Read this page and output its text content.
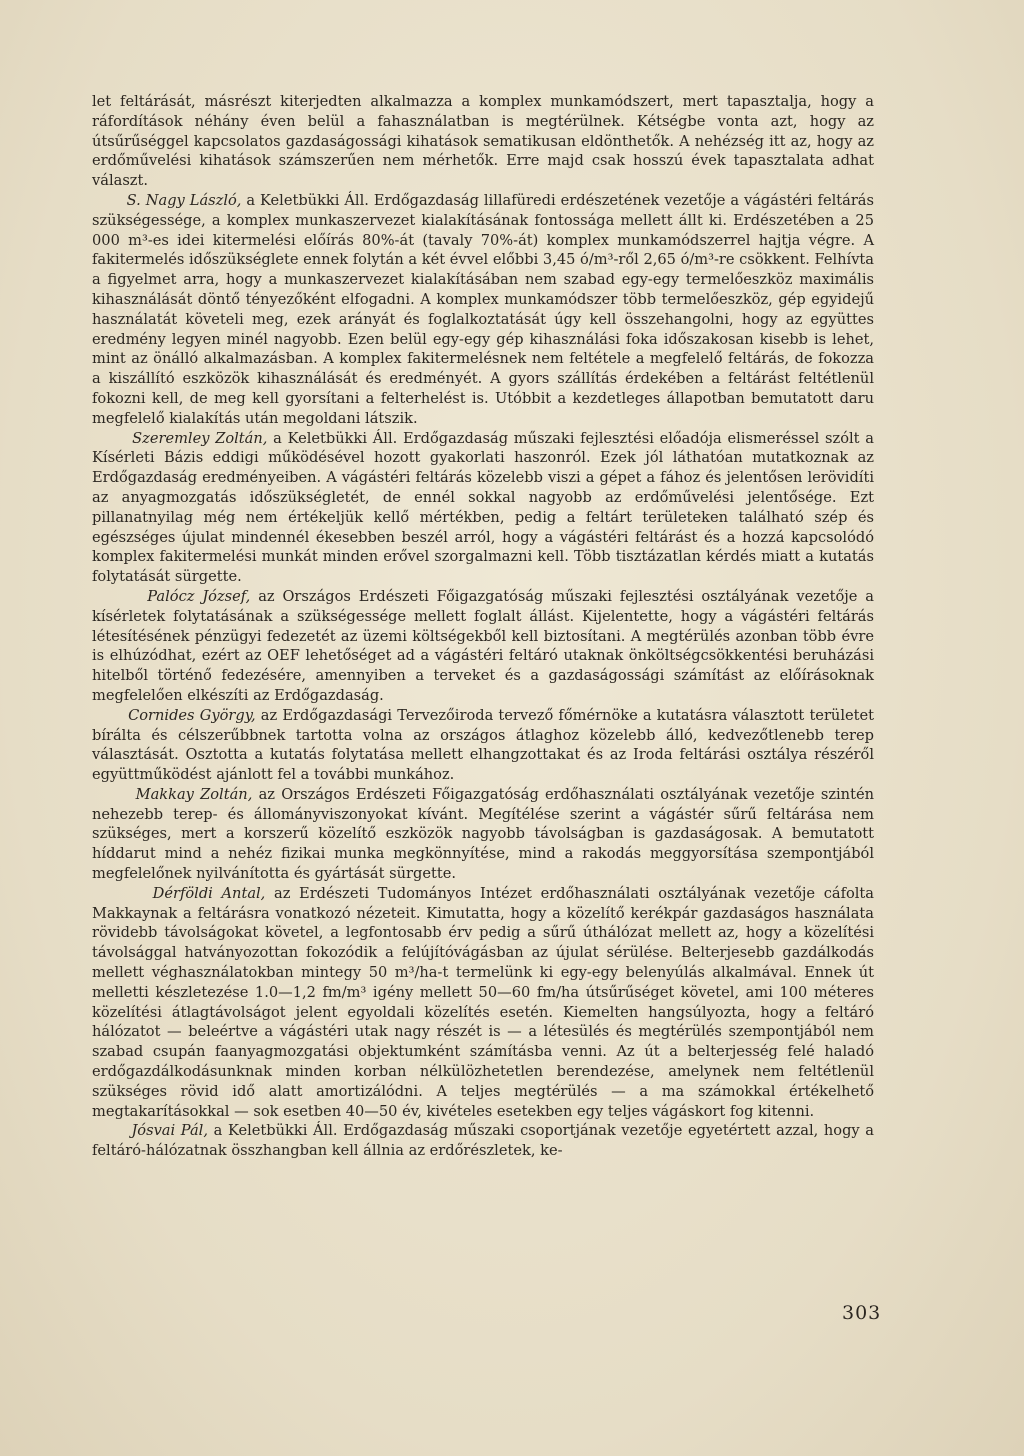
let feltárását, másrészt kiterjedten alkalmazza a komplex munkamódszert, mert tapasztalja, hogy a ráfordítások néhány éven belül a fahasználatban is megtérülnek. Kétségbe vonta azt, hogy az útsűrűséggel kapcsolatos gazdaságossági kihatások sematikusan eldönthetők. A nehézség itt az, hogy az erdőművelési kihatások számszerűen nem mérhetők. Erre majd csak hosszú évek tapasztalata adhat választ.

S. Nagy László, a Keletbükki Áll. Erdőgazdaság lillafüredi erdészetének vezetője a vágástéri feltárás szükségessége, a komplex munkaszervezet kialakításának fontossága mellett állt ki. Erdészetében a 25 000 m³-es idei kitermelési előírás 80%-át (tavaly 70%-át) komplex munkamódszerrel hajtja végre. A fakitermelés időszükséglete ennek folytán a két évvel előbbi 3,45 ó/m³-ről 2,65 ó/m³-re csökkent. Felhívta a figyelmet arra, hogy a munkaszervezet kialakításában nem szabad egy-egy termelőeszköz maximális kihasználását döntő tényezőként elfogadni. A komplex munkamódszer több termelőeszköz, gép egyidejű használatát követeli meg, ezek arányát és foglalkoztatását úgy kell összehangolni, hogy az együttes eredmény legyen minél nagyobb. Ezen belül egy-egy gép kihasználási foka időszakosan kisebb is lehet, mint az önálló alkalmazásban. A komplex fakitermelésnek nem feltétele a megfelelő feltárás, de fokozza a kiszállító eszközök kihasználását és eredményét. A gyors szállítás érdekében a feltárást feltétlenül fokozni kell, de meg kell gyorsítani a felterhelést is. Utóbbit a kezdetleges állapotban bemutatott daru megfelelő kialakítás után megoldani látszik.

Szeremley Zoltán, a Keletbükki Áll. Erdőgazdaság műszaki fejlesztési előadója elismeréssel szólt a Kísérleti Bázis eddigi működésével hozott gyakorlati haszonról. Ezek jól láthatóan mutatkoznak az Erdőgazdaság eredményeiben. A vágástéri feltárás közelebb viszi a gépet a fához és jelentősen lerövidíti az anyagmozgatás időszükségletét, de ennél sokkal nagyobb az erdőművelési jelentősége. Ezt pillanatnyilag még nem értékeljük kellő mértékben, pedig a feltárt területeken található szép és egészséges újulat mindennél ékesebben beszél arról, hogy a vágástéri feltárást és a hozzá kapcsolódó komplex fakitermelési munkát minden erővel szorgalmazni kell. Több tisztázatlan kérdés miatt a kutatás folytatását sürgette.

Palócz József, az Országos Erdészeti Főigazgatóság műszaki fejlesztési osztályának vezetője a kísérletek folytatásának a szükségessége mellett foglalt állást. Kijelentette, hogy a vágástéri feltárás létesítésének pénzügyi fedezetét az üzemi költségekből kell biztosítani. A megtérülés azonban több évre is elhúzódhat, ezért az OEF lehetőséget ad a vágástéri feltáró utaknak önköltségcsökkentési beruházási hitelből történő fedezésére, amennyiben a terveket és a gazdaságossági számítást az előírásoknak megfelelően elkészíti az Erdőgazdaság.

Cornides György, az Erdőgazdasági Tervezőiroda tervező főmérnöke a kutatásra választott területet bírálta és célszerűbbnek tartotta volna az országos átlaghoz közelebb álló, kedvezőtlenebb terep választását. Osztotta a kutatás folytatása mellett elhangzottakat és az Iroda feltárási osztálya részéről együttműködést ajánlott fel a további munkához.

Makkay Zoltán, az Országos Erdészeti Főigazgatóság erdőhasználati osztályának vezetője szintén nehezebb terep- és állományviszonyokat kívánt. Megítélése szerint a vágástér sűrű feltárása nem szükséges, mert a korszerű közelítő eszközök nagyobb távolságban is gazdaságosak. A bemutatott híddarut mind a nehéz fizikai munka megkönnyítése, mind a rakodás meggyorsítása szempontjából megfelelőnek nyilvánította és gyártását sürgette.

Dérföldi Antal, az Erdészeti Tudományos Intézet erdőhasználati osztályának vezetője cáfolta Makkaynak a feltárásra vonatkozó nézeteit. Kimutatta, hogy a közelítő kerékpár gazdaságos használata rövidebb távolságokat követel, a legfontosabb érv pedig a sűrű úthálózat mellett az, hogy a közelítési távolsággal hatványozottan fokozódik a felújítóvágásban az újulat sérülése. Belterjesebb gazdálkodás mellett véghasználatokban mintegy 50 m³/ha-t termelünk ki egy-egy belenyúlás alkalmával. Ennek út melletti készletezése 1.0—1,2 fm/m³ igény mellett 50—60 fm/ha útsűrűséget követel, ami 100 méteres közelítési átlagtávolságot jelent egyoldali közelítés esetén. Kiemelten hangsúlyozta, hogy a feltáró hálózatot — beleértve a vágástéri utak nagy részét is — a létesülés és megtérülés szempontjából nem szabad csupán faanyagmozgatási objektumként számításba venni. Az út a belterjesség felé haladó erdőgazdálkodásunknak minden korban nélkülözhetetlen berendezése, amelynek nem feltétlenül szükséges rövid idő alatt amortizálódni. A teljes megtérülés — a ma számokkal értékelhető megtakarításokkal — sok esetben 40—50 év, kivételes esetekben egy teljes vágáskort fog kitenni.

Jósvai Pál, a Keletbükki Áll. Erdőgazdaság műszaki csoportjának vezetője egyetértett azzal, hogy a feltáró-hálózatnak összhangban kell állnia az erdőrészletek, ke-

303
